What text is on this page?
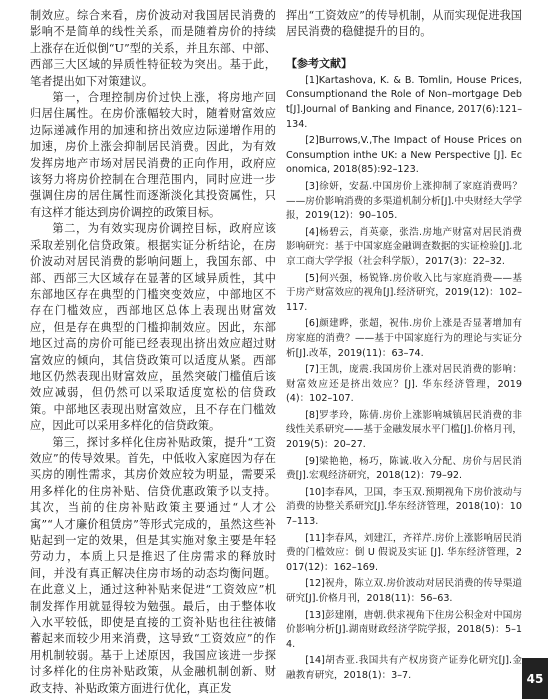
制效应。综合来看，房价波动对我国居民消费的影响不是简单的线性关系，而是随着房价的持续上涨存在近似倒“U”型的关系，并且东部、中部、西部三大区域的异质性特征较为突出。基于此，笔者提出如下对策建议。

第一，合理控制房价过快上涨，将房地产回归居住属性。在房价涨幅较大时，随着财富效应边际递减作用的加速和挤出效应边际递增作用的加速，房价上涨会抑制居民消费。因此，为有效发挥房地产市场对居民消费的正向作用，政府应该努力将房价控制在合理范围内，同时应进一步强调住房的居住属性而逐渐淡化其投资属性，只有这样才能达到房价调控的政策目标。

第二，为有效实现房价调控目标，政府应该采取差别化信贷政策。根据实证分析结论，在房价波动对居民消费的影响问题上，我国东部、中部、西部三大区域存在显著的区域异质性，其中东部地区存在典型的门槛突变效应，中部地区不存在门槛效应，西部地区总体上表现出财富效应，但是存在典型的门槛抑制效应。因此，东部地区过高的房价可能已经表现出挤出效应超过财富效应的倾向，其信贷政策可以适度从紧。西部地区仍然表现出财富效应，虽然突破门槛值后该效应减弱，但仍然可以采取适度宽松的信贷政策。中部地区表现出财富效应，且不存在门槛效应，因此可以采用多样化的信贷政策。

第三，探讨多样化住房补贴政策，提升“工资效应”的传导效果。首先，中低收入家庭因为存在买房的刚性需求，其房价效应较为明显，需要采用多样化的住房补贴、信贷优惠政策予以支持。其次，当前的住房补贴政策主要通过“人才公寓”“人才廉价租赁房”等形式完成的，虽然这些补贴起到一定的效果，但是其实施对象主要是年轻劳动力，本质上只是推迟了住房需求的释放时间，并没有真正解决住房市场的动态均衡问题。在此意义上，通过这种补贴来促进“工资效应”机制发挥作用就显得较为勉强。最后，由于整体收入水平较低，即使是直接的工资补贴也往往被储蓄起来而较少用来消费，这导致“工资效应”的作用机制较弱。基于上述原因，我国应该进一步探讨多样化的住房补贴政策，从金融机制创新、财政支持、补贴政策方面进行优化，真正发

挥出“工资效应”的传导机制，从而实现促进我国居民消费的稳健提升的目的。

【参考文献】

[1]Kartashova, K. & B. Tomlin, House Prices, Consumptionand the Role of Non–mortgage Debt[J].Journal of Banking and Finance, 2017(6):121–134.

[2]Burrows,V.,The Impact of House Prices on Consumption inthe UK: a New Perspective [J]. Economica, 2018(85):92–123.

[3]徐妍，安磊.中国房价上涨抑制了家庭消费吗？——房价影响消费的多渠道机制分析[J].中央财经大学学报，2019(12)：90–105.

[4]杨碧云，肖英豪，张浩.房地产财富对居民消费影响研究：基于中国家庭金融调查数据的实证检验[J].北京工商大学学报（社会科学版），2017(3)：22–32.

[5]何兴强，杨锐锋.房价收入比与家庭消费——基于房产财富效应的视角[J].经济研究，2019(12)：102–117.

[6]颜建晔，张超，祝伟.房价上涨是否显著增加有房家庭的消费？——基于中国家庭行为的理论与实证分析[J].改革，2019(11)：63–74.

[7]王凯，庞震.我国房价上涨对居民消费的影响：财富效应还是挤出效应？[J]. 华东经济管理，2019(4)：102–107.

[8]罗孝玲，陈倩.房价上涨影响城镇居民消费的非线性关系研究——基于金融发展水平门槛[J].价格月刊，2019(5)：20–27.

[9]梁艳艳，杨巧，陈诚.收入分配、房价与居民消费[J].宏观经济研究，2018(12)：79–92.

[10]李春风，卫国，李玉双.预期视角下房价波动与消费的协整关系研究[J].华东经济管理，2018(10)：107–113.

[11]李春风，刘建江，齐祥芹.房价上涨影响居民消费的门槛效应：倒 U 假说及实证 [J]. 华东经济管理，2017(12)：162–169.

[12]祝舟，陈立双.房价波动对居民消费的传导渠道研究[J].价格月刊，2018(11)：56–63.

[13]彭建刚，唐朝.供求视角下住房公积金对中国房价影响分析[J].湖南财政经济学院学报，2018(5)：5–14.

[14]胡杏亚.我国共有产权房资产证券化研究[J].金融教育研究，2018(1)：3–7.	45
